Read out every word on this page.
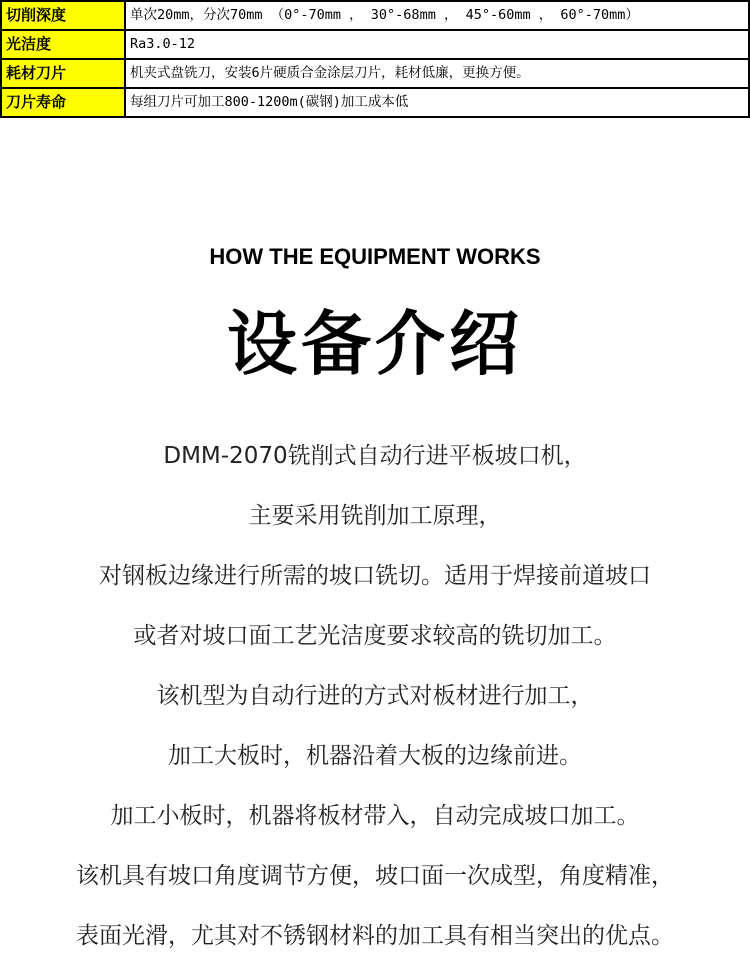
切削深度	单次20mm，分次70mm （0°-70mm ， 30°-68mm ， 45°-60mm ， 60°-70mm）
光洁度	Ra3.0-12
耗材刀片	机夹式盘铣刀，安装6片硬质合金涂层刀片，耗材低廉，更换方便。
刀片寿命	每组刀片可加工800-1200m(碳钢)加工成本低
HOW THE EQUIPMENT WORKS
设备介绍
DMM-2070铣削式自动行进平板坡口机，
主要采用铣削加工原理，
对钢板边缘进行所需的坡口铣切。适用于焊接前道坡口
或者对坡口面工艺光洁度要求较高的铣切加工。
该机型为自动行进的方式对板材进行加工，
加工大板时，机器沿着大板的边缘前进。
加工小板时，机器将板材带入，自动完成坡口加工。
该机具有坡口角度调节方便，坡口面一次成型，角度精准，
表面光滑，尤其对不锈钢材料的加工具有相当突出的优点。
